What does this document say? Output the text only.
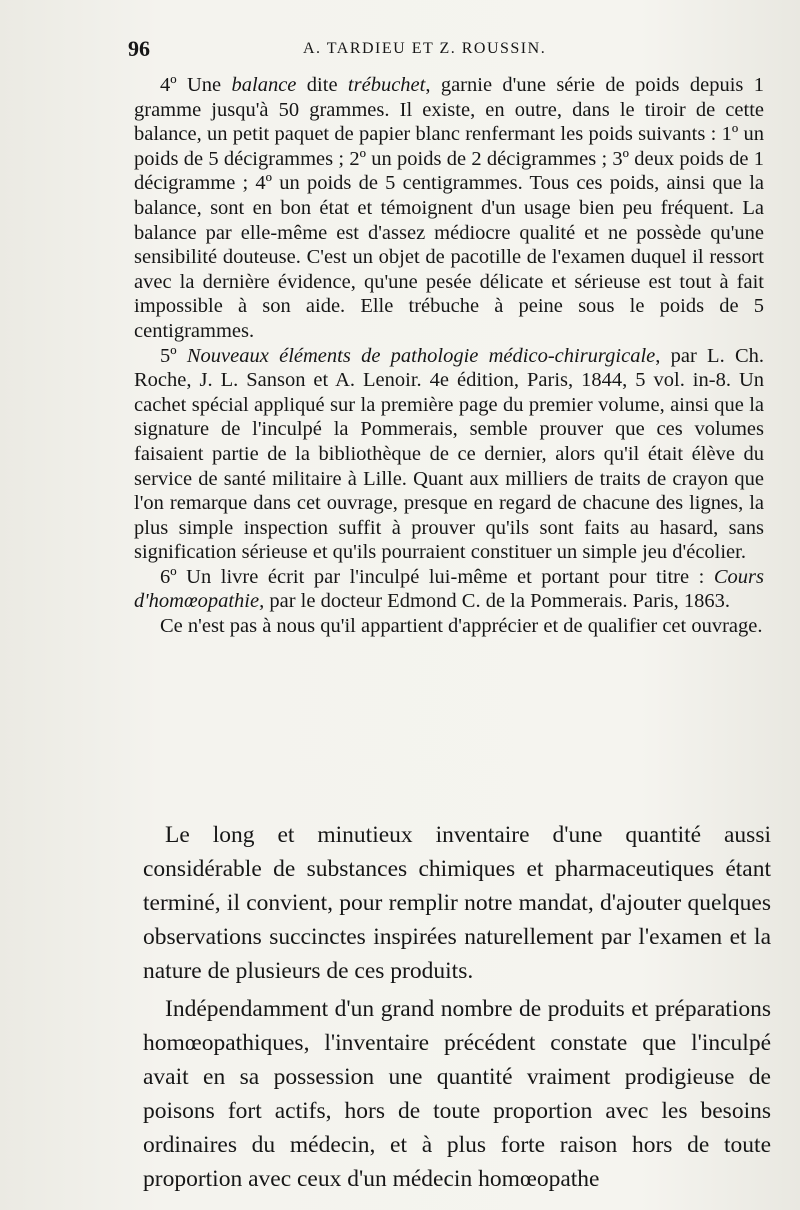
96	A. TARDIEU ET Z. ROUSSIN.

4º Une balance dite trébuchet, garnie d'une série de poids depuis 1 gramme jusqu'à 50 grammes. Il existe, en outre, dans le tiroir de cette balance, un petit paquet de papier blanc renfermant les poids suivants : 1º un poids de 5 décigrammes ; 2º un poids de 2 décigrammes ; 3º deux poids de 1 décigramme ; 4º un poids de 5 centigrammes. Tous ces poids, ainsi que la balance, sont en bon état et témoignent d'un usage bien peu fréquent. La balance par elle-même est d'assez médiocre qualité et ne possède qu'une sensibilité douteuse. C'est un objet de pacotille de l'examen duquel il ressort avec la dernière évidence, qu'une pesée délicate et sérieuse est tout à fait impossible à son aide. Elle trébuche à peine sous le poids de 5 centigrammes.

5º Nouveaux éléments de pathologie médico-chirurgicale, par L. Ch. Roche, J. L. Sanson et A. Lenoir. 4e édition, Paris, 1844, 5 vol. in-8. Un cachet spécial appliqué sur la première page du premier volume, ainsi que la signature de l'inculpé la Pommerais, semble prouver que ces volumes faisaient partie de la bibliothèque de ce dernier, alors qu'il était élève du service de santé militaire à Lille. Quant aux milliers de traits de crayon que l'on remarque dans cet ouvrage, presque en regard de chacune des lignes, la plus simple inspection suffit à prouver qu'ils sont faits au hasard, sans signification sérieuse et qu'ils pourraient constituer un simple jeu d'écolier.

6º Un livre écrit par l'inculpé lui-même et portant pour titre : Cours d'homœopathie, par le docteur Edmond C. de la Pommerais. Paris, 1863.

Ce n'est pas à nous qu'il appartient d'apprécier et de qualifier cet ouvrage.

Le long et minutieux inventaire d'une quantité aussi considérable de substances chimiques et pharmaceutiques étant terminé, il convient, pour remplir notre mandat, d'ajouter quelques observations succinctes inspirées naturellement par l'examen et la nature de plusieurs de ces produits.

Indépendamment d'un grand nombre de produits et préparations homœopathiques, l'inventaire précédent constate que l'inculpé avait en sa possession une quantité vraiment prodigieuse de poisons fort actifs, hors de toute proportion avec les besoins ordinaires du médecin, et à plus forte raison hors de toute proportion avec ceux d'un médecin homœopathe
